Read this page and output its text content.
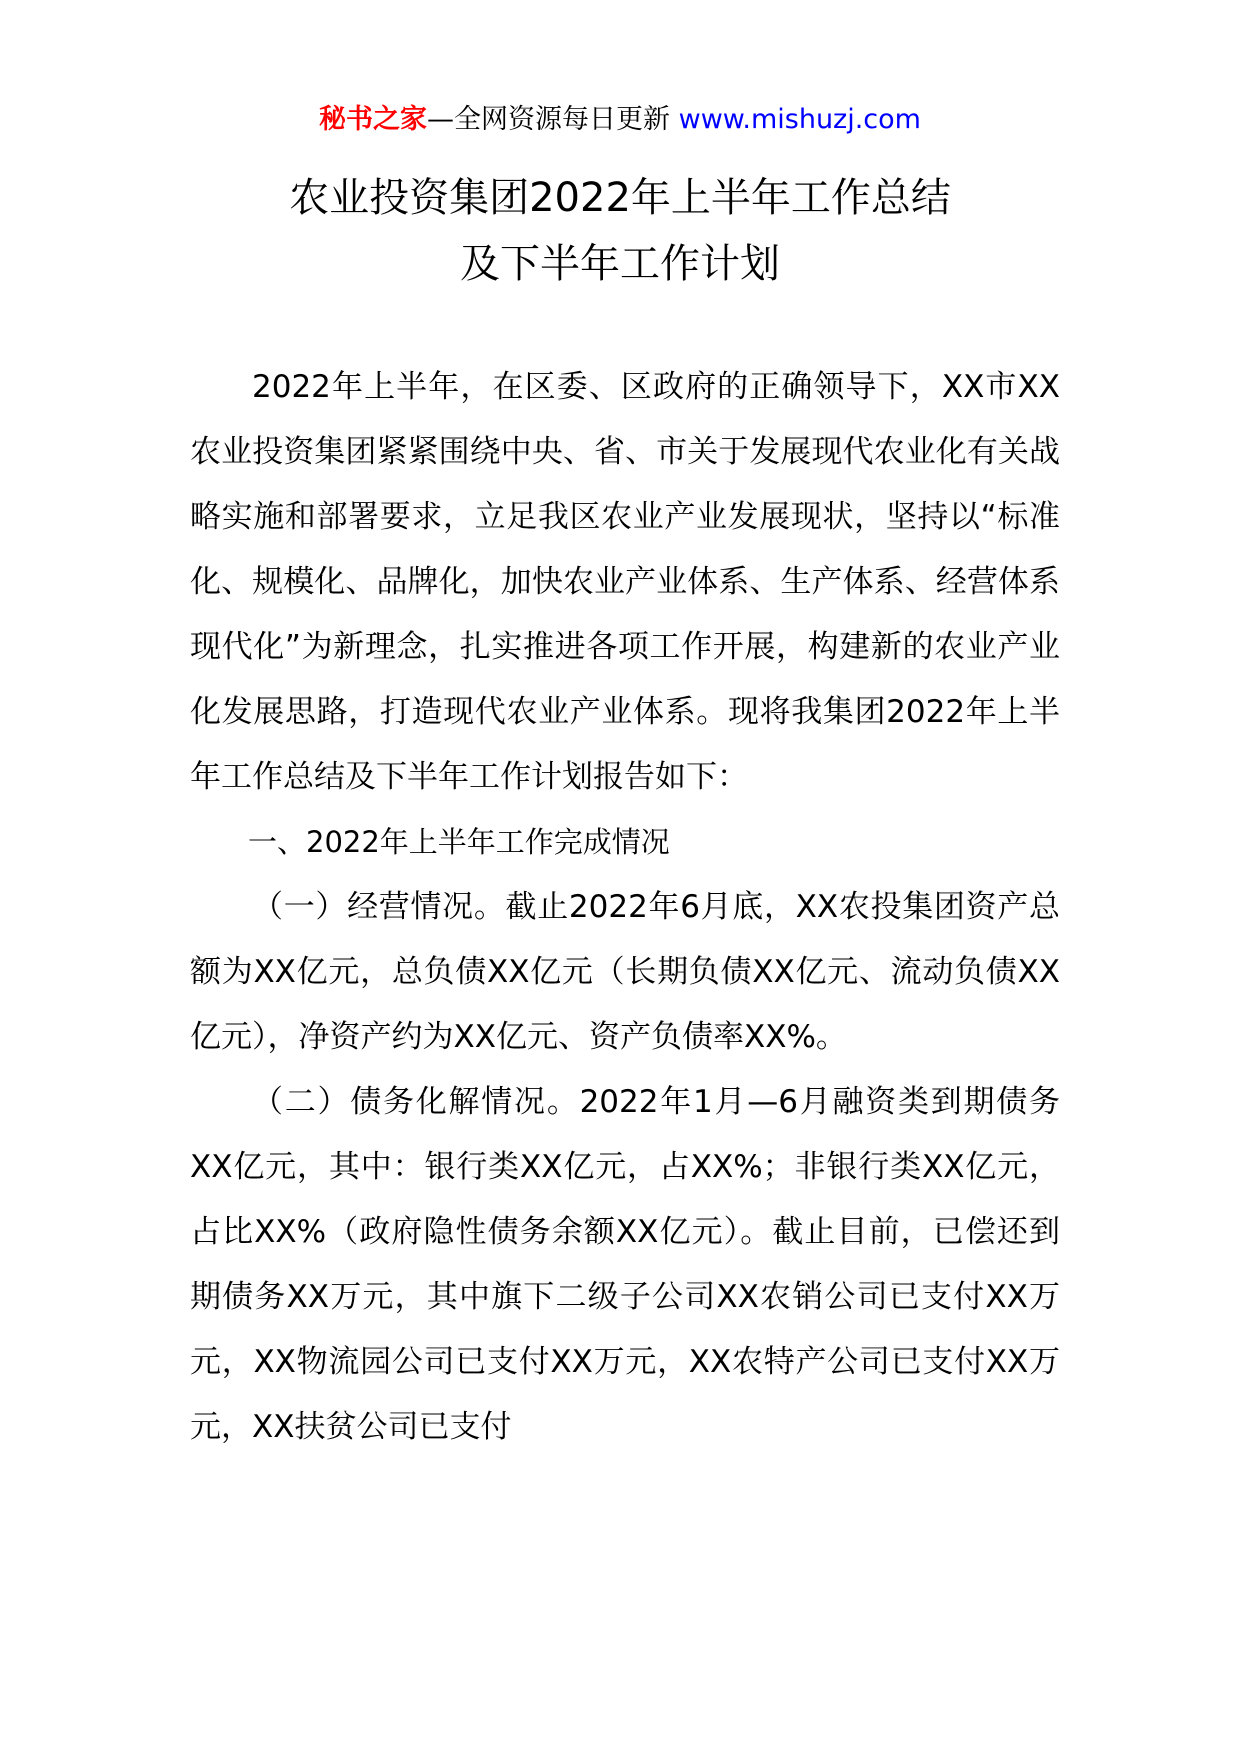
秘书之家—全网资源每日更新 www.mishuzj.com
农业投资集团2022年上半年工作总结
及下半年工作计划

2022年上半年，在区委、区政府的正确领导下，XX市XX农业投资集团紧紧围绕中央、省、市关于发展现代农业化有关战略实施和部署要求，立足我区农业产业发展现状，坚持以“标准化、规模化、品牌化，加快农业产业体系、生产体系、经营体系现代化”为新理念，扎实推进各项工作开展，构建新的农业产业化发展思路，打造现代农业产业体系。现将我集团2022年上半年工作总结及下半年工作计划报告如下：

一、2022年上半年工作完成情况

（一）经营情况。截止2022年6月底，XX农投集团资产总额为XX亿元，总负债XX亿元（长期负债XX亿元、流动负债XX亿元），净资产约为XX亿元、资产负债率XX%。

（二）债务化解情况。2022年1月—6月融资类到期债务XX亿元，其中：银行类XX亿元，占XX%；非银行类XX亿元，占比XX%（政府隐性债务余额XX亿元）。截止目前，已偿还到期债务XX万元，其中旗下二级子公司XX农销公司已支付XX万元，XX物流园公司已支付XX万元，XX农特产公司已支付XX万元，XX扶贫公司已支付
